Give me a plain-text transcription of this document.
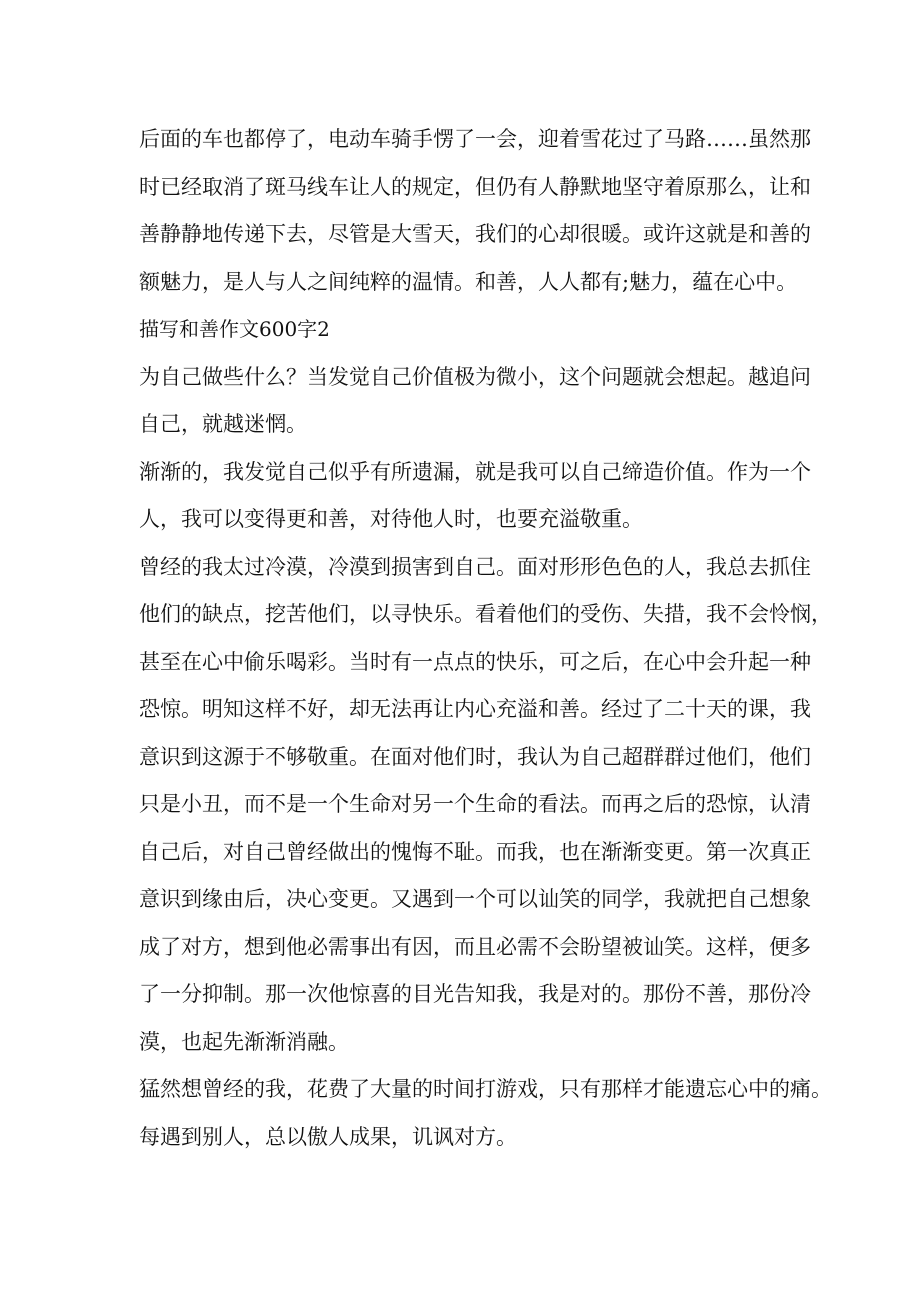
后面的车也都停了，电动车骑手愣了一会，迎着雪花过了马路……虽然那
时已经取消了斑马线车让人的规定，但仍有人静默地坚守着原那么，让和
善静静地传递下去，尽管是大雪天，我们的心却很暖。或许这就是和善的
额魅力，是人与人之间纯粹的温情。和善，人人都有;魅力，蕴在心中。
描写和善作文600字2
为自己做些什么？当发觉自己价值极为微小，这个问题就会想起。越追问
自己，就越迷惘。
渐渐的，我发觉自己似乎有所遗漏，就是我可以自己缔造价值。作为一个
人，我可以变得更和善，对待他人时，也要充溢敬重。
曾经的我太过冷漠，冷漠到损害到自己。面对形形色色的人，我总去抓住
他们的缺点，挖苦他们，以寻快乐。看着他们的受伤、失措，我不会怜悯，
甚至在心中偷乐喝彩。当时有一点点的快乐，可之后，在心中会升起一种
恐惊。明知这样不好，却无法再让内心充溢和善。经过了二十天的课，我
意识到这源于不够敬重。在面对他们时，我认为自己超群群过他们，他们
只是小丑，而不是一个生命对另一个生命的看法。而再之后的恐惊，认清
自己后，对自己曾经做出的愧悔不耻。而我，也在渐渐变更。第一次真正
意识到缘由后，决心变更。又遇到一个可以讪笑的同学，我就把自己想象
成了对方，想到他必需事出有因，而且必需不会盼望被讪笑。这样，便多
了一分抑制。那一次他惊喜的目光告知我，我是对的。那份不善，那份冷
漠，也起先渐渐消融。
猛然想曾经的我，花费了大量的时间打游戏，只有那样才能遗忘心中的痛。
每遇到别人，总以傲人成果，讥讽对方。
